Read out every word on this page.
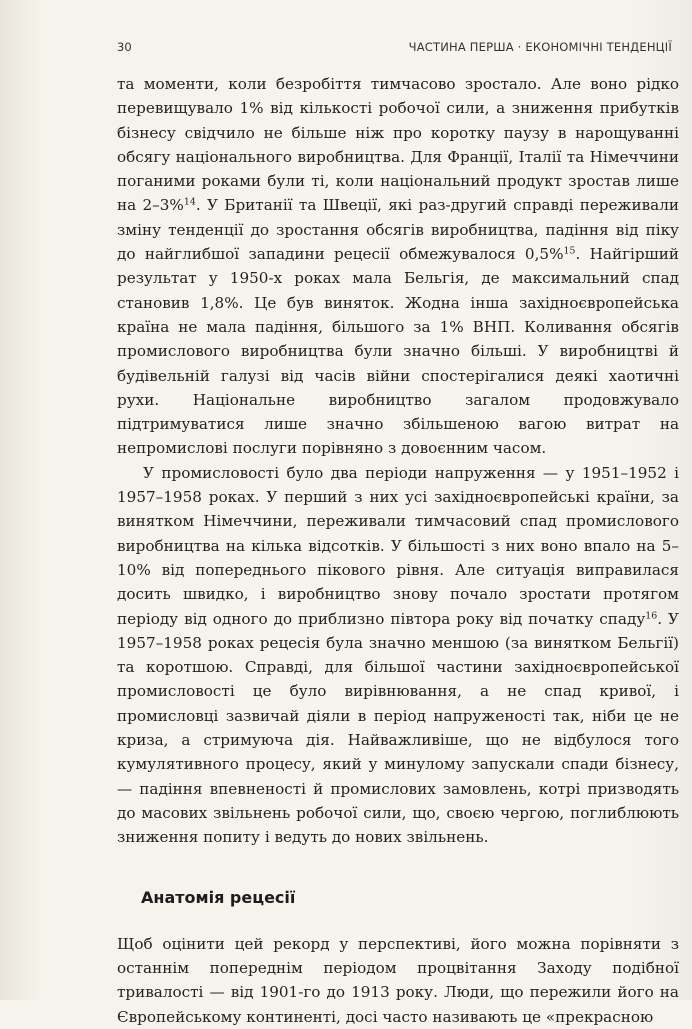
30	ЧАСТИНА ПЕРША · ЕКОНОМІЧНІ ТЕНДЕНЦІЇ

та моменти, коли безробіття тимчасово зростало. Але воно рідко перевищувало 1% від кількості робочої сили, а зниження прибутків бізнесу свідчило не більше ніж про коротку паузу в нарощуванні обсягу національного виробництва. Для Франції, Італії та Німеччини поганими роками були ті, коли національний продукт зростав лише на 2–3%$^{14}$. У Британії та Швеції, які раз-другий справді переживали зміну тенденції до зростання обсягів виробництва, падіння від піку до найглибшої западини рецесії обмежувалося 0,5%$^{15}$. Найгірший результат у 1950-х роках мала Бельгія, де максимальний спад становив 1,8%. Це був виняток. Жодна інша західноєвропейська країна не мала падіння, більшого за 1% ВНП. Коливання обсягів промислового виробництва були значно більші. У виробництві й будівельній галузі від часів війни спостерігалися деякі хаотичні рухи. Національне виробництво загалом продовжувало підтримуватися лише значно збільшеною вагою витрат на непромислові послуги порівняно з довоєнним часом.

У промисловості було два періоди напруження — у 1951–1952 і 1957–1958 роках. У перший з них усі західноєвропейські країни, за винятком Німеччини, переживали тимчасовий спад промислового виробництва на кілька відсотків. У більшості з них воно впало на 5–10% від попереднього пікового рівня. Але ситуація виправилася досить швидко, і виробництво знову почало зростати протягом періоду від одного до приблизно півтора року від початку спаду$^{16}$. У 1957–1958 роках рецесія була значно меншою (за винятком Бельгії) та коротшою. Справді, для більшої частини західноєвропейської промисловості це було вирівнювання, а не спад кривої, і промисловці зазвичай діяли в період напруженості так, ніби це не криза, а стримуюча дія. Найважливіше, що не відбулося того кумулятивного процесу, який у минулому запускали спади бізнесу, — падіння впевненості й промислових замовлень, котрі призводять до масових звільнень робочої сили, що, своєю чергою, поглиблюють зниження попиту і ведуть до нових звільнень.

Анатомія рецесії

Щоб оцінити цей рекорд у перспективі, його можна порівняти з останнім попереднім періодом процвітання Заходу подібної тривалості — від 1901-го до 1913 року. Люди, що пережили його на Європейському континенті, досі часто називають це «прекрасною
